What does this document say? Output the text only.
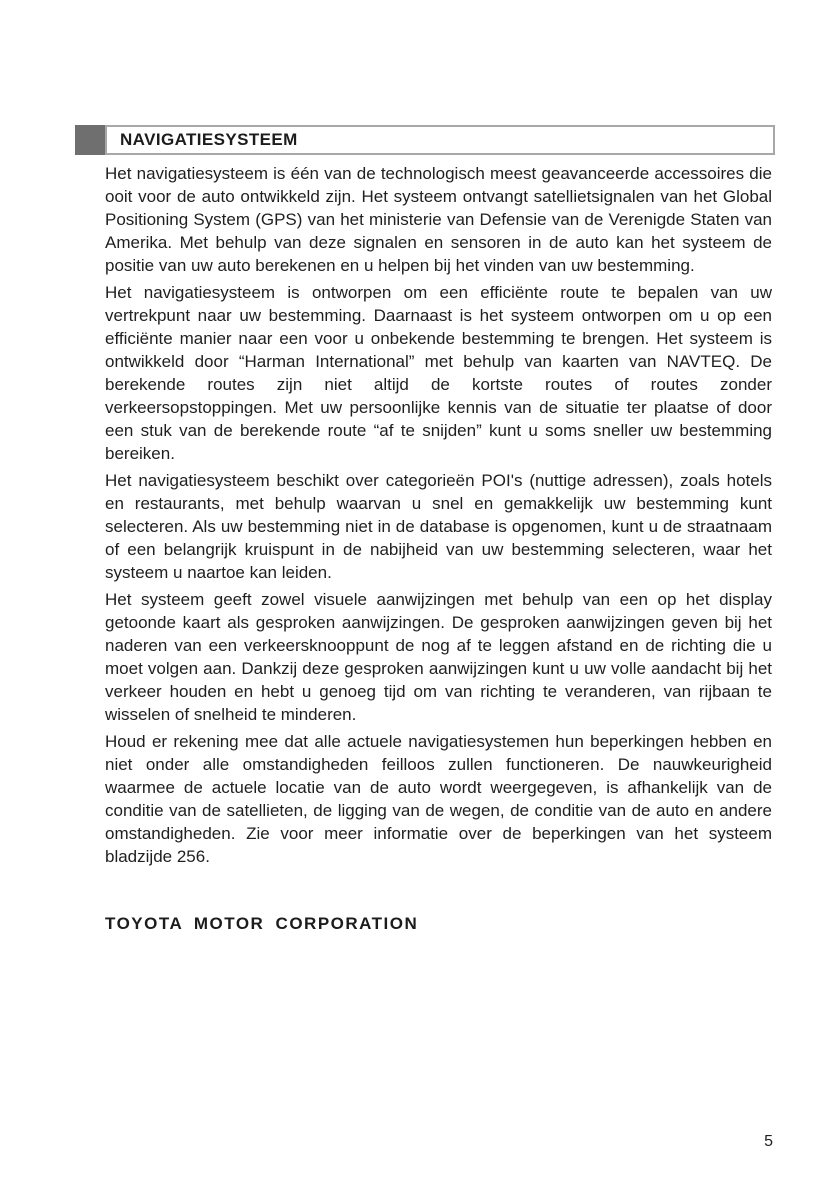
NAVIGATIESYSTEEM

Het navigatiesysteem is één van de technologisch meest geavanceerde accessoires die ooit voor de auto ontwikkeld zijn. Het systeem ontvangt satellietsignalen van het Global Positioning System (GPS) van het ministerie van Defensie van de Verenigde Staten van Amerika. Met behulp van deze signalen en sensoren in de auto kan het systeem de positie van uw auto berekenen en u helpen bij het vinden van uw bestemming.

Het navigatiesysteem is ontworpen om een efficiënte route te bepalen van uw vertrekpunt naar uw bestemming. Daarnaast is het systeem ontworpen om u op een efficiënte manier naar een voor u onbekende bestemming te brengen. Het systeem is ontwikkeld door “Harman International” met behulp van kaarten van NAVTEQ. De berekende routes zijn niet altijd de kortste routes of routes zonder verkeersopstoppingen. Met uw persoonlijke kennis van de situatie ter plaatse of door een stuk van de berekende route “af te snijden” kunt u soms sneller uw bestemming bereiken.

Het navigatiesysteem beschikt over categorieën POI's (nuttige adressen), zoals hotels en restaurants, met behulp waarvan u snel en gemakkelijk uw bestemming kunt selecteren. Als uw bestemming niet in de database is opgenomen, kunt u de straatnaam of een belangrijk kruispunt in de nabijheid van uw bestemming selecteren, waar het systeem u naartoe kan leiden.

Het systeem geeft zowel visuele aanwijzingen met behulp van een op het display getoonde kaart als gesproken aanwijzingen. De gesproken aanwijzingen geven bij het naderen van een verkeersknooppunt de nog af te leggen afstand en de richting die u moet volgen aan. Dankzij deze gesproken aanwijzingen kunt u uw volle aandacht bij het verkeer houden en hebt u genoeg tijd om van richting te veranderen, van rijbaan te wisselen of snelheid te minderen.

Houd er rekening mee dat alle actuele navigatiesystemen hun beperkingen hebben en niet onder alle omstandigheden feilloos zullen functioneren. De nauwkeurigheid waarmee de actuele locatie van de auto wordt weergegeven, is afhankelijk van de conditie van de satellieten, de ligging van de wegen, de conditie van de auto en andere omstandigheden. Zie voor meer informatie over de beperkingen van het systeem bladzijde 256.

TOYOTA MOTOR CORPORATION

5
